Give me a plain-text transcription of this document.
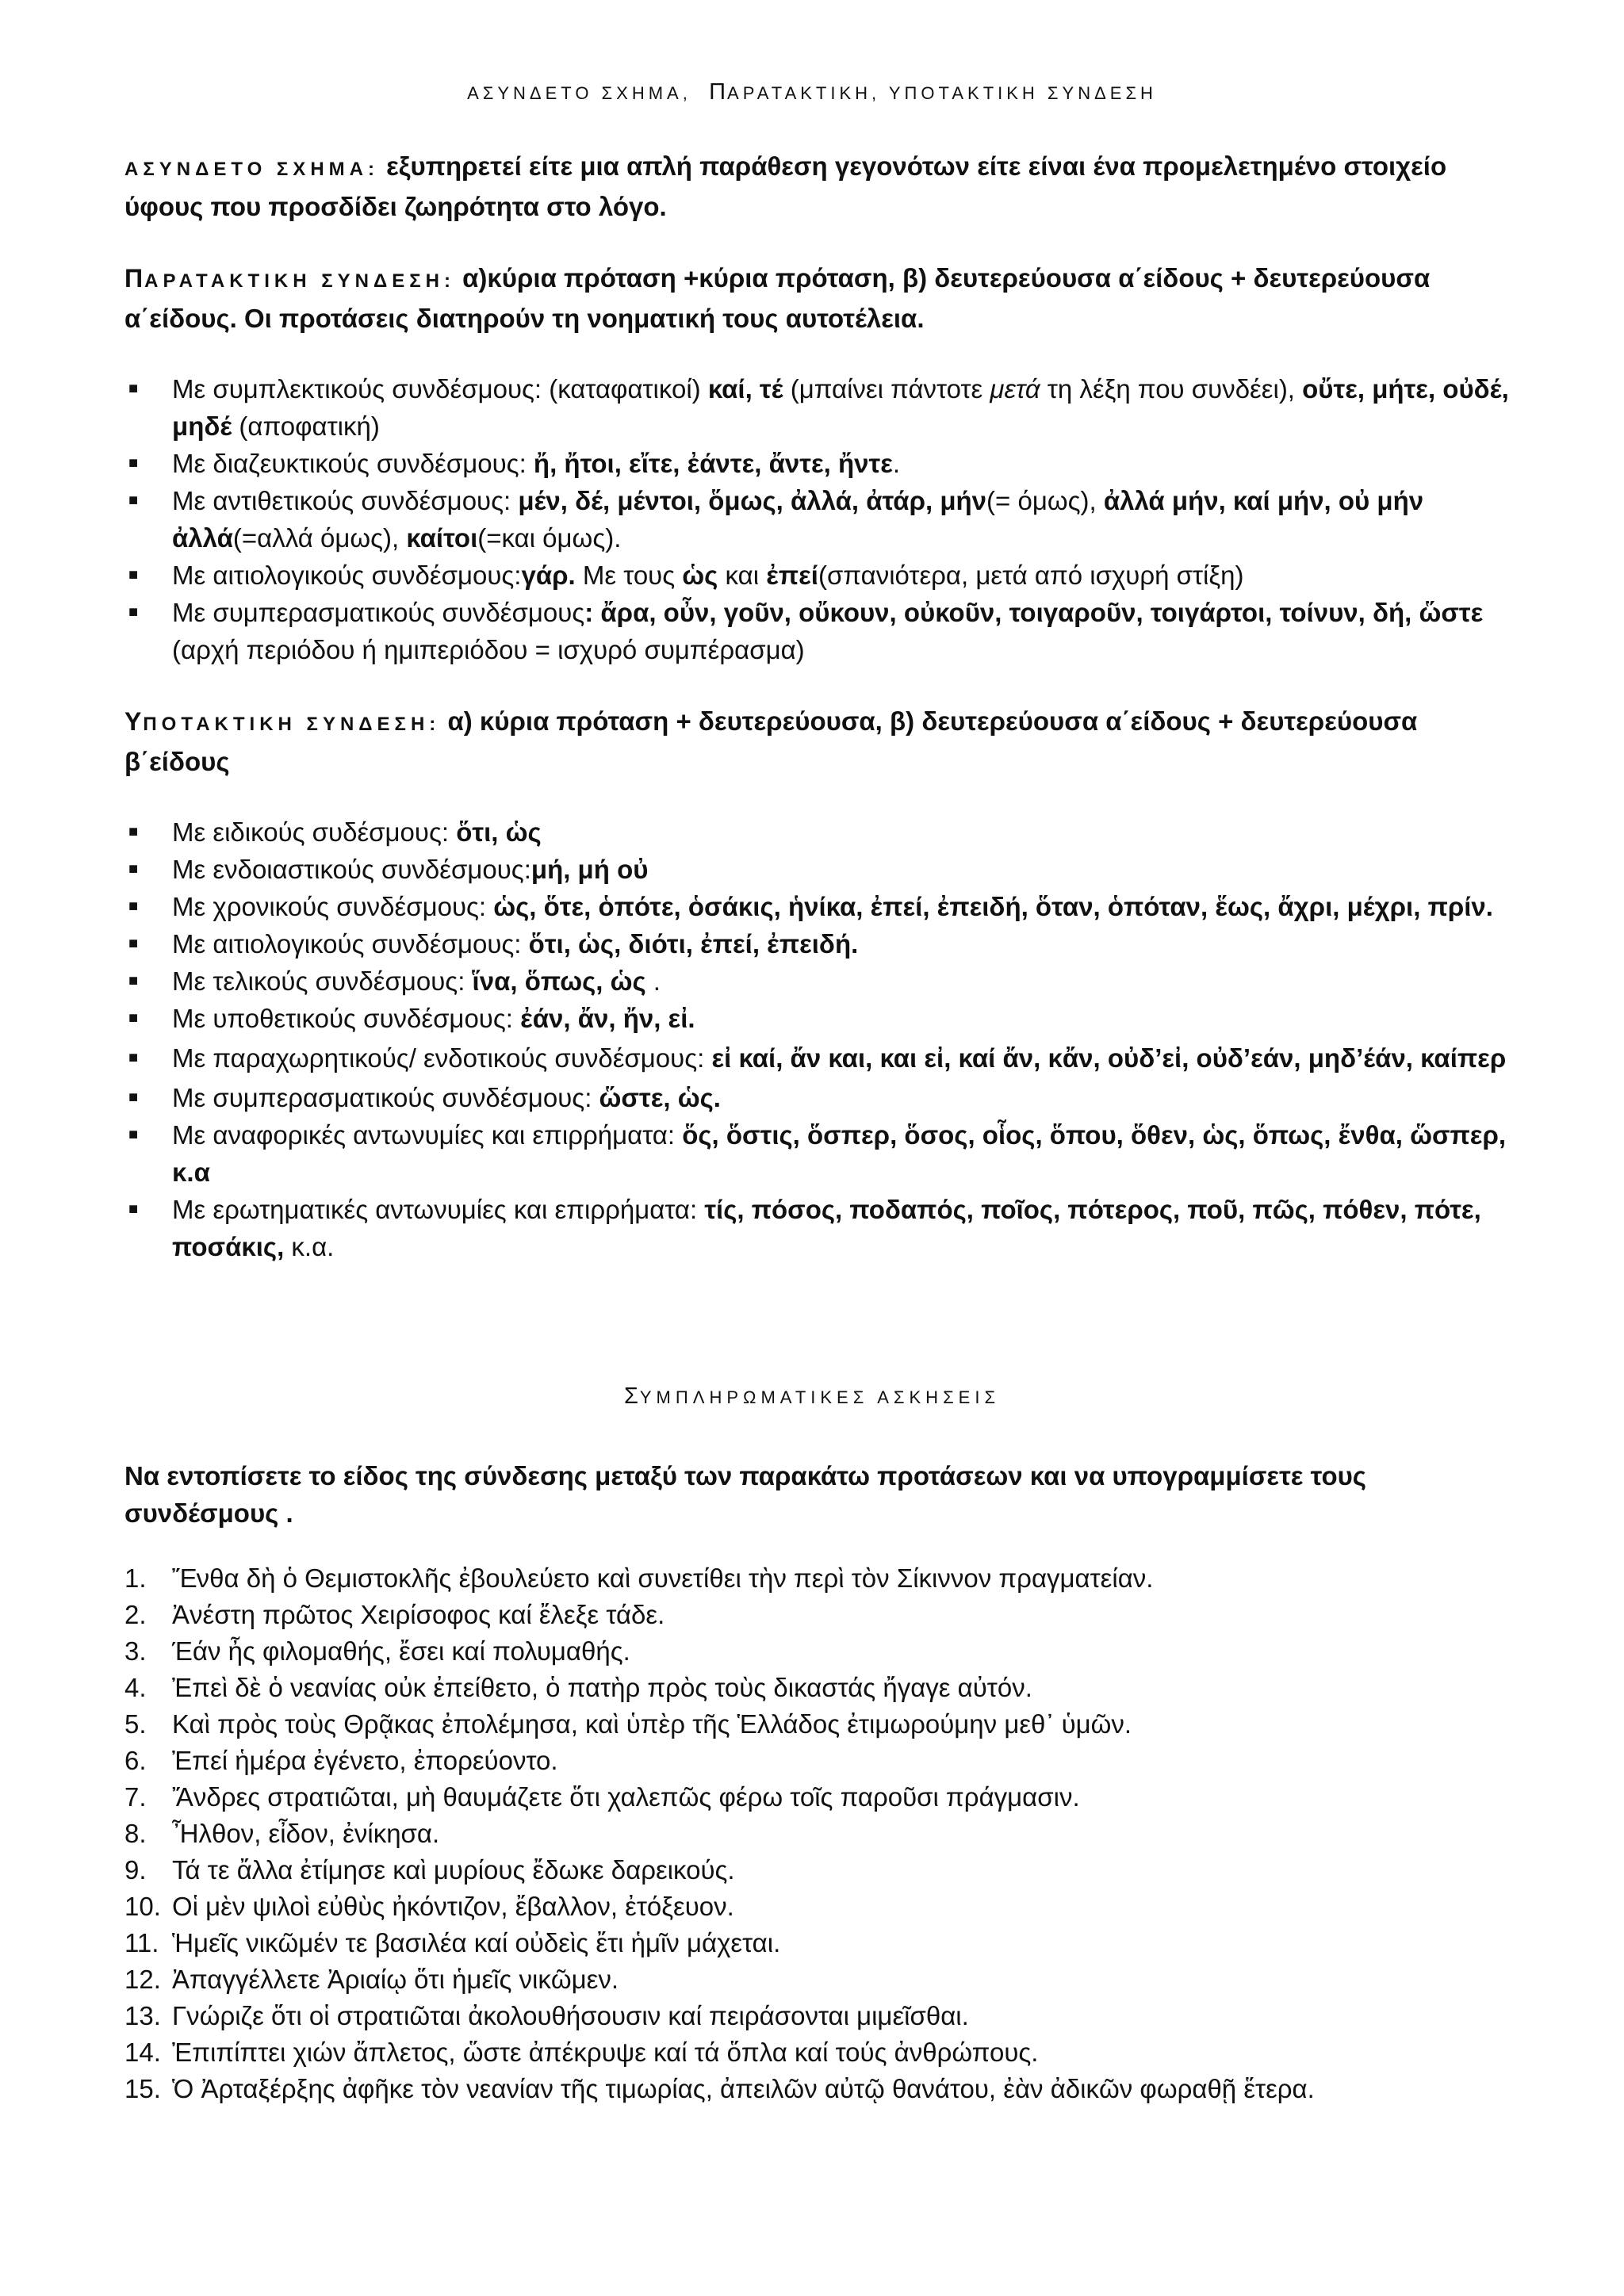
ΑΣΥΝΔΕΤΟ ΣΧΗΜΑ, ΠΑΡΑΤΑΚΤΙΚΗ, ΥΠΟΤΑΚΤΙΚΗ ΣΥΝΔΕΣΗ
ΑΣΥΝΔΕΤΟ ΣΧΗΜΑ: εξυπηρετεί είτε μια απλή παράθεση γεγονότων είτε είναι ένα προμελετημένο στοιχείο ύφους που προσδίδει ζωηρότητα στο λόγο.
ΠΑΡΑΤΑΚΤΙΚΗ ΣΥΝΔΕΣΗ: α)κύρια πρόταση +κύρια πρόταση, β) δευτερεύουσα α΄είδους + δευτερεύουσα α΄είδους. Οι προτάσεις διατηρούν τη νοηματική τους αυτοτέλεια.
■ Με συμπλεκτικούς συνδέσμους: (καταφατικοί) καί, τέ (μπαίνει πάντοτε μετά τη λέξη που συνδέει), οὔτε, μήτε, οὐδέ, μηδέ (αποφατική)
■ Με διαζευκτικούς συνδέσμους: ἤ, ἤτοι, εἴτε, ἐάντε, ἄντε, ἤντε.
■ Με αντιθετικούς συνδέσμους: μέν, δέ, μέντοι, ὅμως, ἀλλά, ἀτάρ, μήν(= όμως), ἀλλά μήν, καί μήν, οὐ μήν ἀλλά(=αλλά όμως), καίτοι(=και όμως).
■ Με αιτιολογικούς συνδέσμους:γάρ. Με τους ὡς και ἐπεί(σπανιότερα, μετά από ισχυρή στίξη)
■ Με συμπερασματικούς συνδέσμους: ἄρα, οὖν, γοῦν, οὔκουν, οὐκοῦν, τοιγαροῦν, τοιγάρτοι, τοίνυν, δή, ὥστε (αρχή περιόδου ή ημιπεριόδου = ισχυρό συμπέρασμα)
ΥΠΟΤΑΚΤΙΚΗ ΣΥΝΔΕΣΗ: α) κύρια πρόταση + δευτερεύουσα, β) δευτερεύουσα α΄είδους + δευτερεύουσα β΄είδους
■ Με ειδικούς συδέσμους: ὅτι, ὡς
■ Με ενδοιαστικούς συνδέσμους:μή, μή οὐ
■ Με χρονικούς συνδέσμους: ὡς, ὅτε, ὁπότε, ὁσάκις, ἡνίκα, ἐπεί, ἐπειδή, ὅταν, ὁπόταν, ἕως, ἄχρι, μέχρι, πρίν.
■ Με αιτιολογικούς συνδέσμους: ὅτι, ὡς, διότι, ἐπεί, ἐπειδή.
■ Με τελικούς συνδέσμους: ἵνα, ὅπως, ὡς .
■ Με υποθετικούς συνδέσμους: ἐάν, ἄν, ἤν, εἰ.
■ Με παραχωρητικούς/ ενδοτικούς συνδέσμους: εἰ καί, ἄν και, και εἰ, καί ἄν, κἄν, οὐδ’εἰ, οὐδ’εάν, μηδ’έάν, καίπερ
■ Με συμπερασματικούς συνδέσμους: ὥστε, ὡς.
■ Με αναφορικές αντωνυμίες και επιρρήματα: ὅς, ὅστις, ὅσπερ, ὅσος, οἷος, ὅπου, ὅθεν, ὡς, ὅπως, ἔνθα, ὥσπερ, κ.α
■ Με ερωτηματικές αντωνυμίες και επιρρήματα: τίς, πόσος, ποδαπός, ποῖος, πότερος, ποῦ, πῶς, πόθεν, πότε, ποσάκις, κ.α.
ΣΥΜΠΛΗΡΩΜΑΤΙΚΕΣ ΑΣΚΗΣΕΙΣ
Να εντοπίσετε το είδος της σύνδεσης μεταξύ των παρακάτω προτάσεων και να υπογραμμίσετε τους συνδέσμους .
1. Ἔνθα δὴ ὁ Θεμιστοκλῆς ἐβουλεύετο καὶ συνετίθει τὴν περὶ τὸν Σίκιννον πραγματείαν.
2. Ἀνέστη πρῶτος Χειρίσοφος καί ἔλεξε τάδε.
3. Έάν ἦς φιλομαθής, ἔσει καί πολυμαθής.
4. Ἐπεὶ δὲ ὁ νεανίας οὐκ ἐπείθετο, ὁ πατὴρ πρὸς τοὺς δικαστάς ἤγαγε αὐτόν.
5. Καὶ πρὸς τοὺς Θρᾷκας ἐπολέμησα, καὶ ὑπὲρ τῆς Ἑλλάδος ἐτιμωρούμην μεθ᾿ ὑμῶν.
6. Ἐπεί ἡμέρα ἐγένετο, ἐπορεύοντο.
7. Ἄνδρες στρατιῶται, μὴ θαυμάζετε ὅτι χαλεπῶς φέρω τοῖς παροῦσι πράγμασιν.
8. Ἦλθον, εἶδον, ἐνίκησα.
9. Τά τε ἄλλα ἐτίμησε καὶ μυρίους ἔδωκε δαρεικούς.
10. Οἱ μὲν ψιλοὶ εὐθὺς ἠκόντιζον, ἔβαλλον, ἐτόξευον.
11. Ἡμεῖς νικῶμέν τε βασιλέα καί οὐδεὶς ἔτι ἡμῖν μάχεται.
12. Ἀπαγγέλλετε Ἀριαίῳ ὅτι ἡμεῖς νικῶμεν.
13. Γνώριζε ὅτι οἱ στρατιῶται ἀκολουθήσουσιν καί πειράσονται μιμεῖσθαι.
14. Ἐπιπίπτει χιών ἄπλετος, ὥστε ἀπέκρυψε καί τά ὅπλα καί τούς ἀνθρώπους.
15. Ὁ Ἀρταξέρξης ἀφῆκε τὸν νεανίαν τῆς τιμωρίας, ἀπειλῶν αὐτῷ θανάτου, ἐὰν ἀδικῶν φωραθῇ ἕτερα.
